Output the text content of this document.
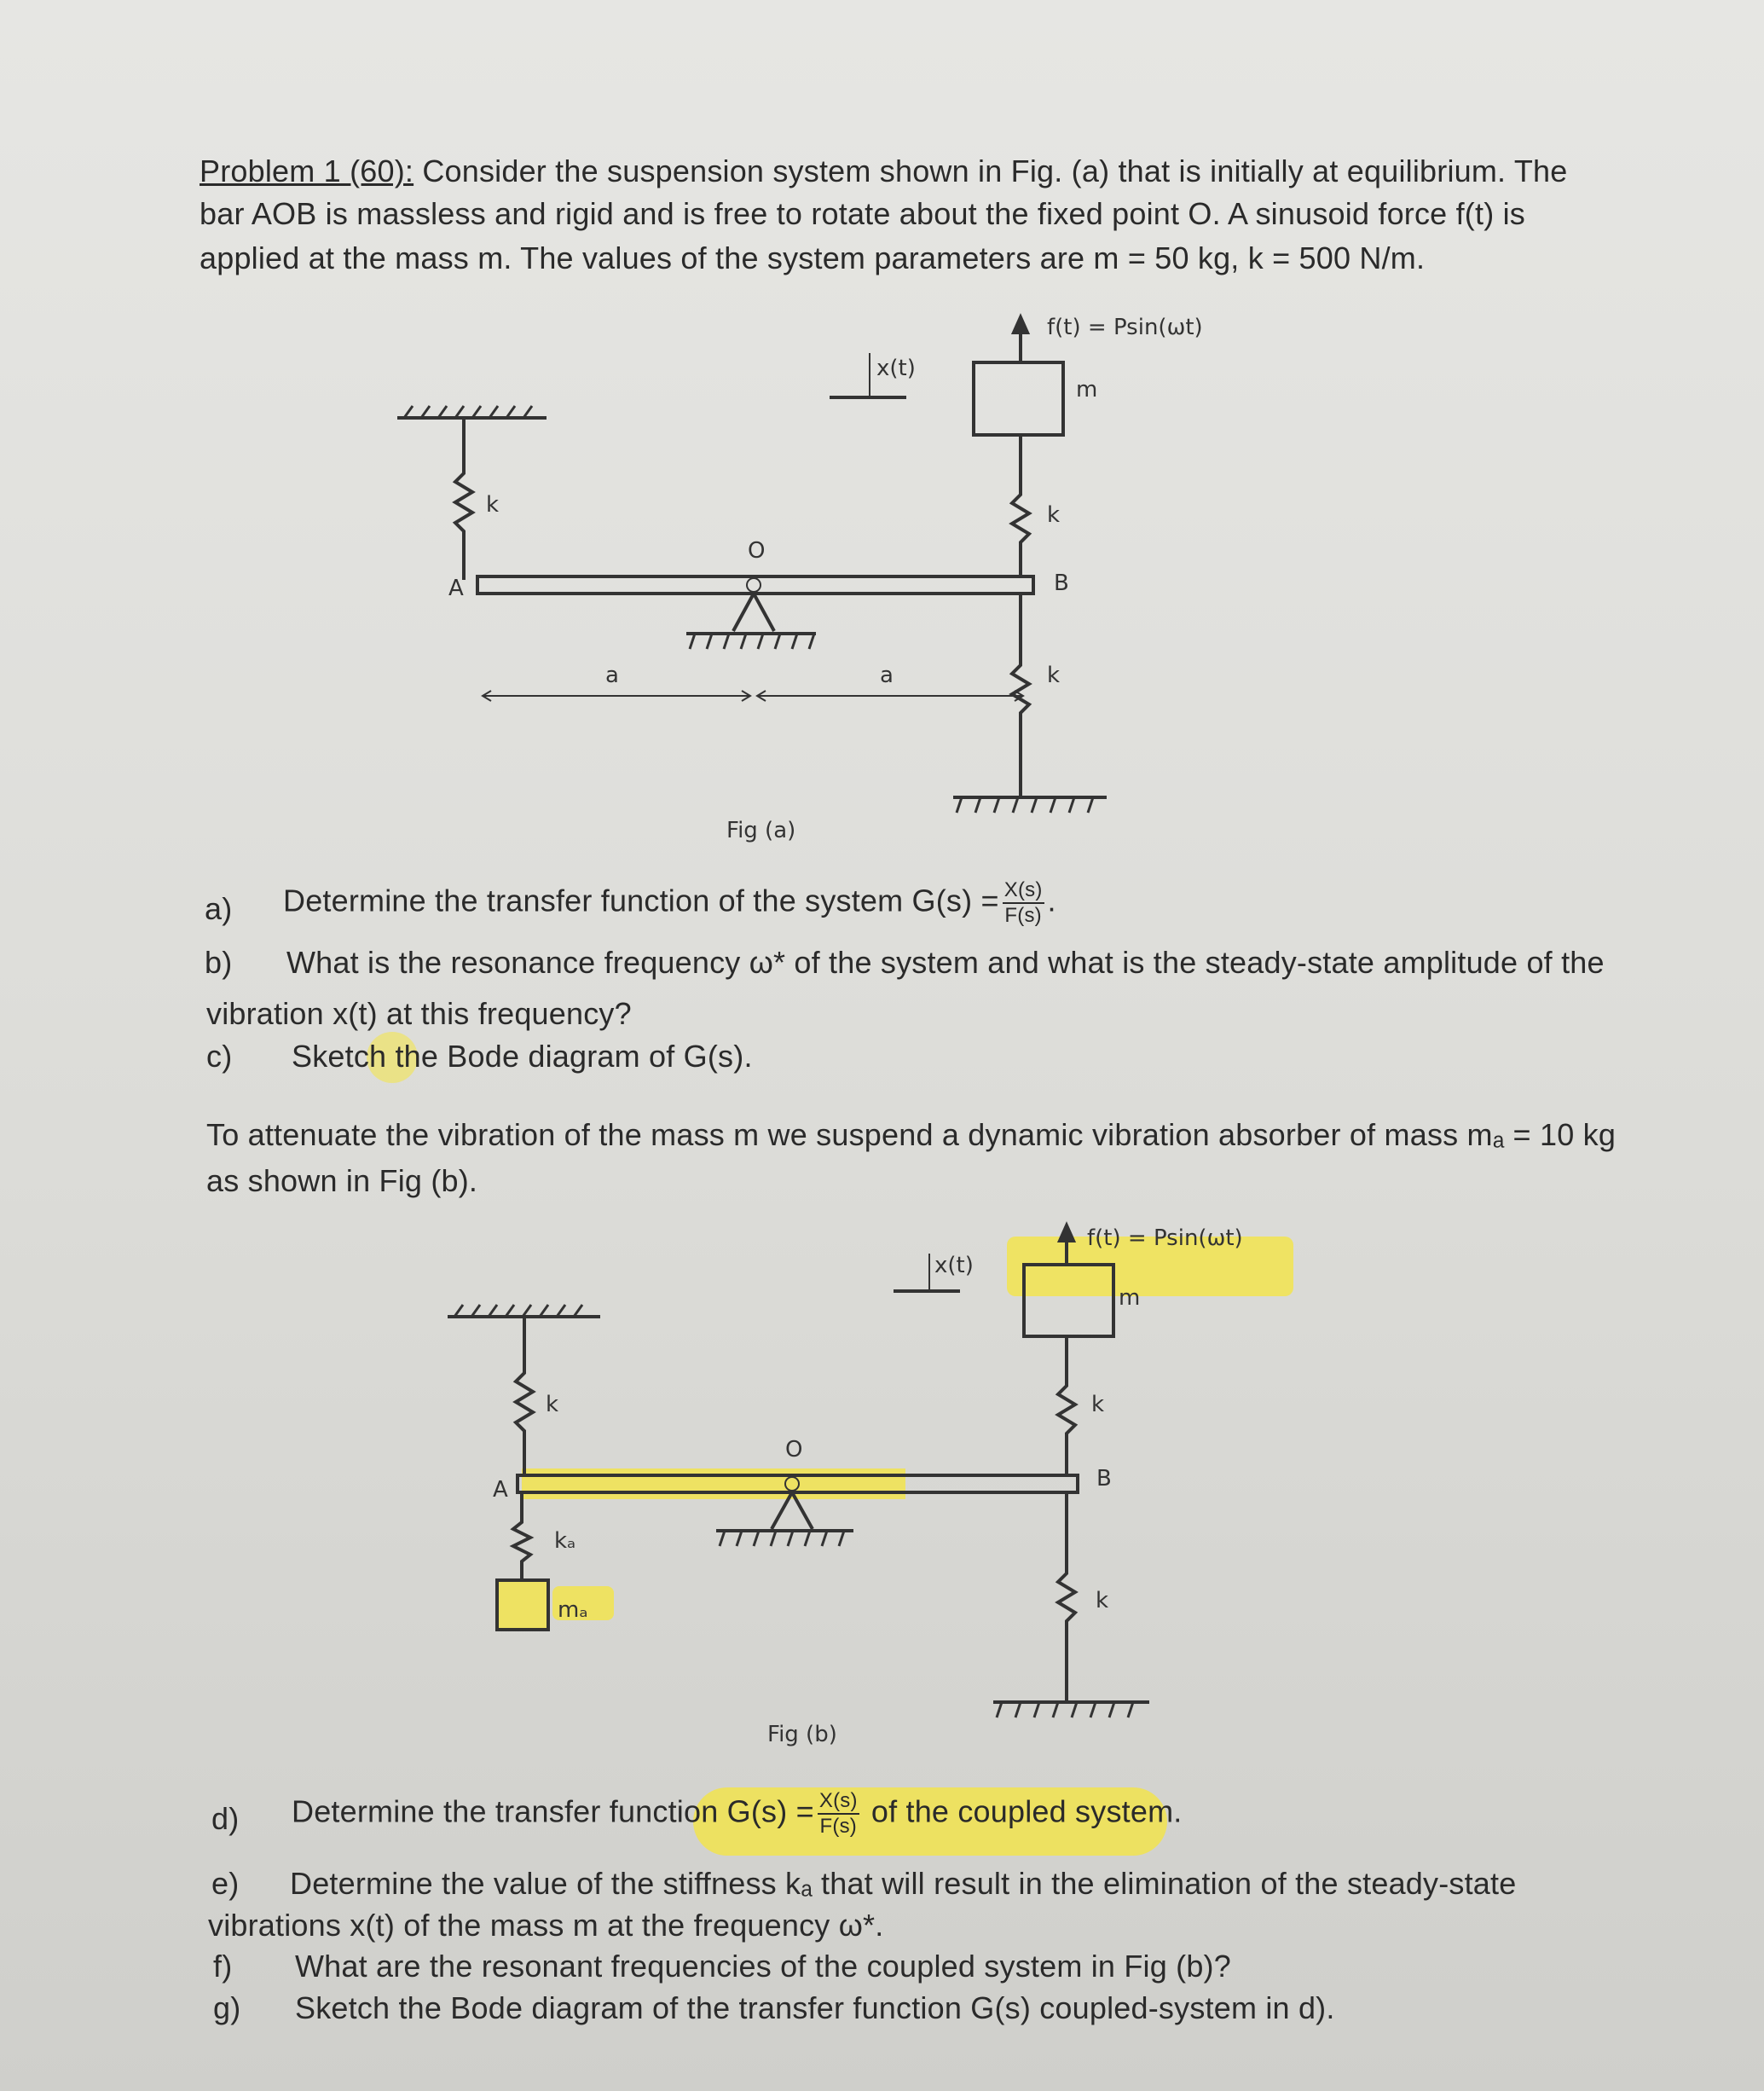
Problem 1 (60): Consider the suspension system shown in Fig. (a) that is initially at equilibrium. The
bar AOB is massless and rigid and is free to rotate about the fixed point O. A sinusoid force f(t) is
applied at the mass m. The values of the system parameters are m = 50 kg, k = 500 N/m.
f(t) = Psin(ωt)
x(t)
m
k	k
k
O
A	B
a	a
Fig (a)
f(t) = Psin(ωt)
x(t)
m
k	k
k
O
A	B
kₐ
mₐ
Fig (b)
a) Determine the transfer function of the system $G(s) = \frac{X(s)}{F(s)}$ .
b) What is the resonance frequency ω* of the system and what is the steady-state amplitude of the
vibration x(t) at this frequency?
c) Sketch the Bode diagram of G(s).
To attenuate the vibration of the mass m we suspend a dynamic vibration absorber of mass mₐ = 10 kg
as shown in Fig (b).
d) Determine the transfer function $G(s) = \frac{X(s)}{F(s)}$ of the coupled system.
e) Determine the value of the stiffness kₐ that will result in the elimination of the steady-state
vibrations x(t) of the mass m at the frequency ω*.
f) What are the resonant frequencies of the coupled system in Fig (b)?
g) Sketch the Bode diagram of the transfer function G(s) coupled-system in d).
